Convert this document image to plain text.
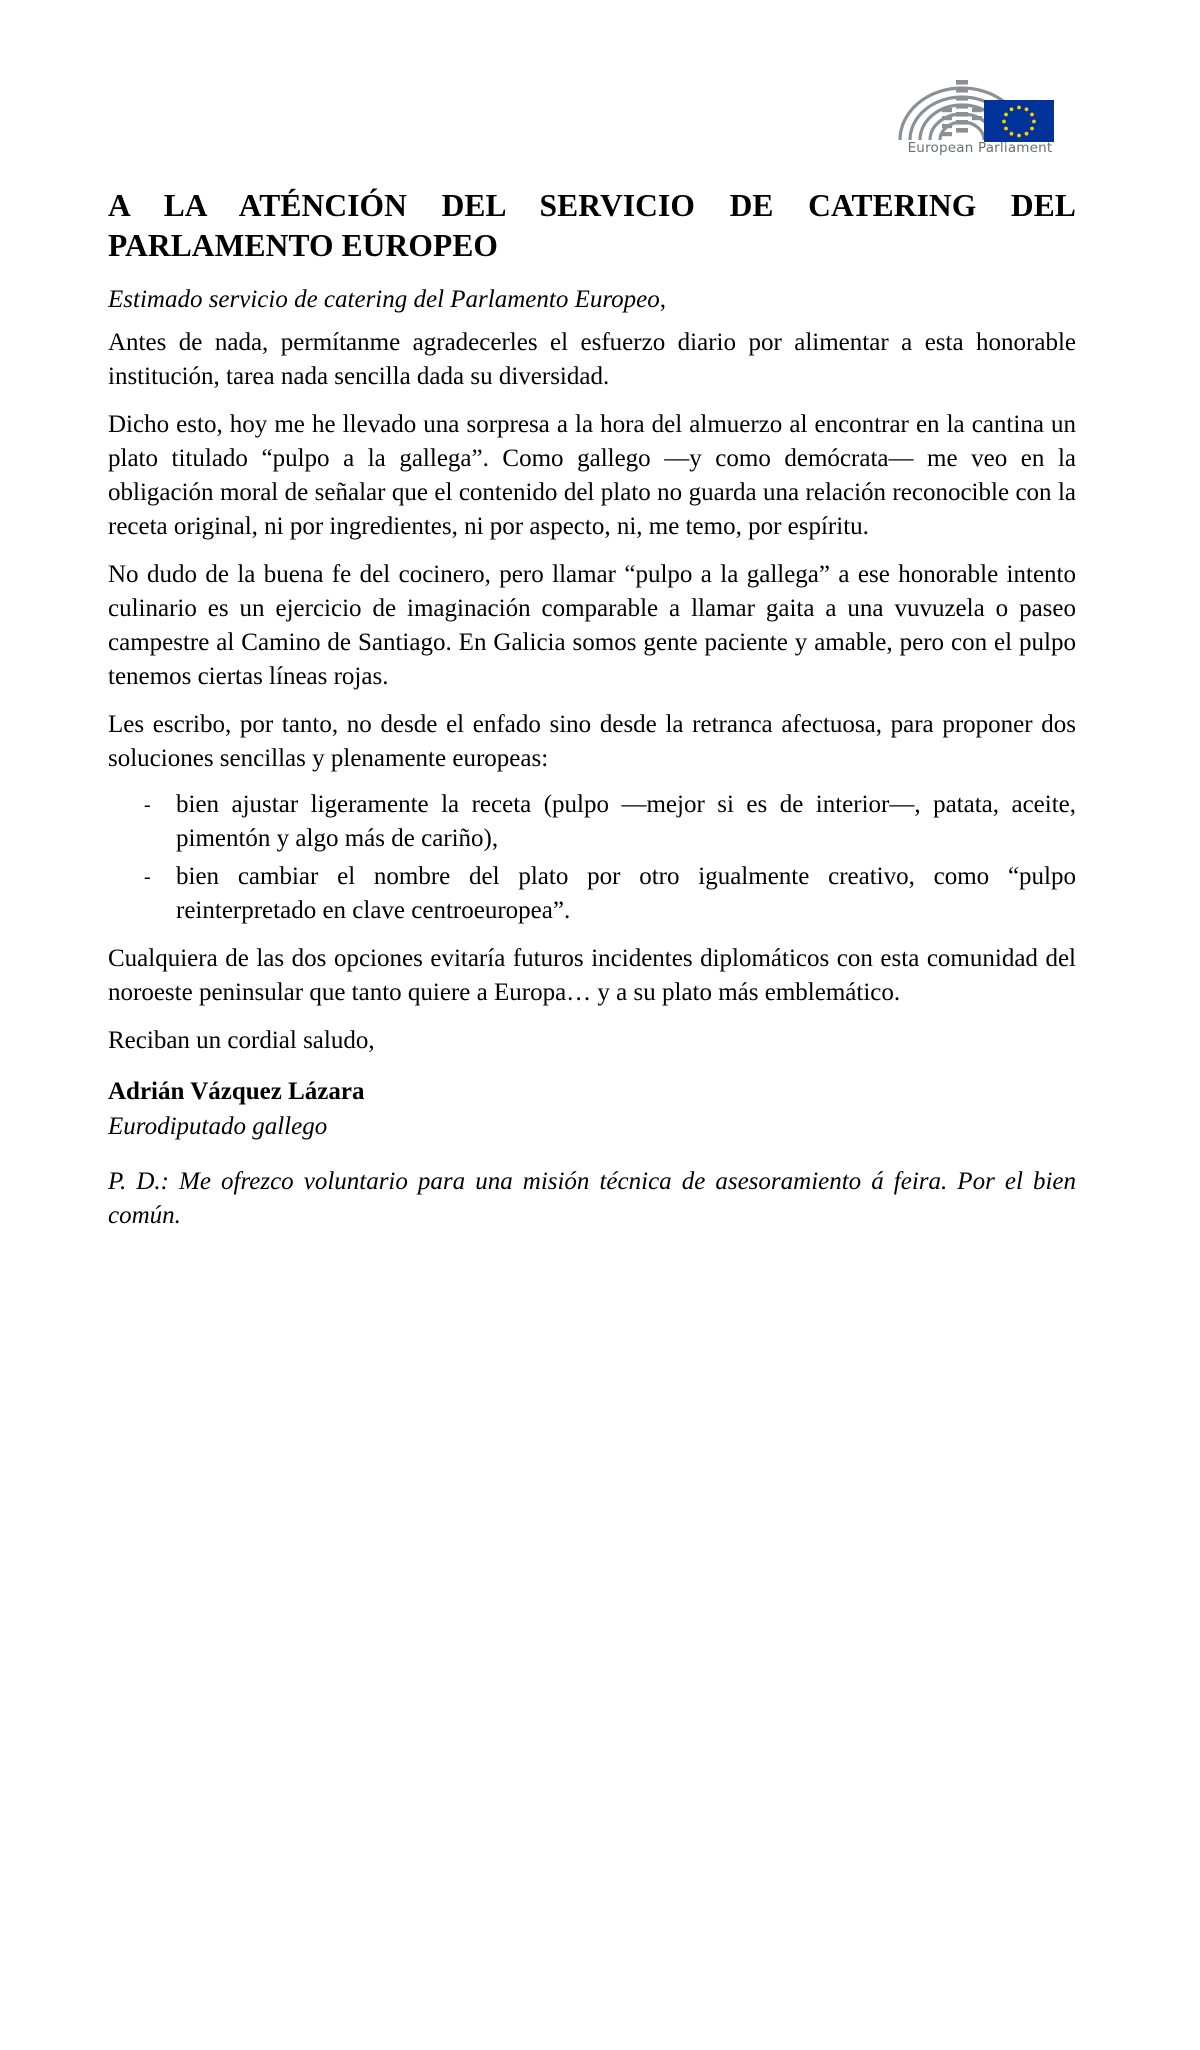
European Parliament
A LA ATÉNCIÓN DEL SERVICIO DE CATERING DEL PARLAMENTO EUROPEO
Estimado servicio de catering del Parlamento Europeo,

Antes de nada, permítanme agradecerles el esfuerzo diario por alimentar a esta honorable institución, tarea nada sencilla dada su diversidad.

Dicho esto, hoy me he llevado una sorpresa a la hora del almuerzo al encontrar en la cantina un plato titulado “pulpo a la gallega”. Como gallego —y como demócrata— me veo en la obligación moral de señalar que el contenido del plato no guarda una relación reconocible con la receta original, ni por ingredientes, ni por aspecto, ni, me temo, por espíritu.

No dudo de la buena fe del cocinero, pero llamar “pulpo a la gallega” a ese honorable intento culinario es un ejercicio de imaginación comparable a llamar gaita a una vuvuzela o paseo campestre al Camino de Santiago. En Galicia somos gente paciente y amable, pero con el pulpo tenemos ciertas líneas rojas.

Les escribo, por tanto, no desde el enfado sino desde la retranca afectuosa, para proponer dos soluciones sencillas y plenamente europeas:

- bien ajustar ligeramente la receta (pulpo —mejor si es de interior—, patata, aceite, pimentón y algo más de cariño),
- bien cambiar el nombre del plato por otro igualmente creativo, como “pulpo reinterpretado en clave centroeuropea”.

Cualquiera de las dos opciones evitaría futuros incidentes diplomáticos con esta comunidad del noroeste peninsular que tanto quiere a Europa… y a su plato más emblemático.

Reciban un cordial saludo,
Adrián Vázquez Lázara
Eurodiputado gallego

P. D.: Me ofrezco voluntario para una misión técnica de asesoramiento á feira. Por el bien común.
